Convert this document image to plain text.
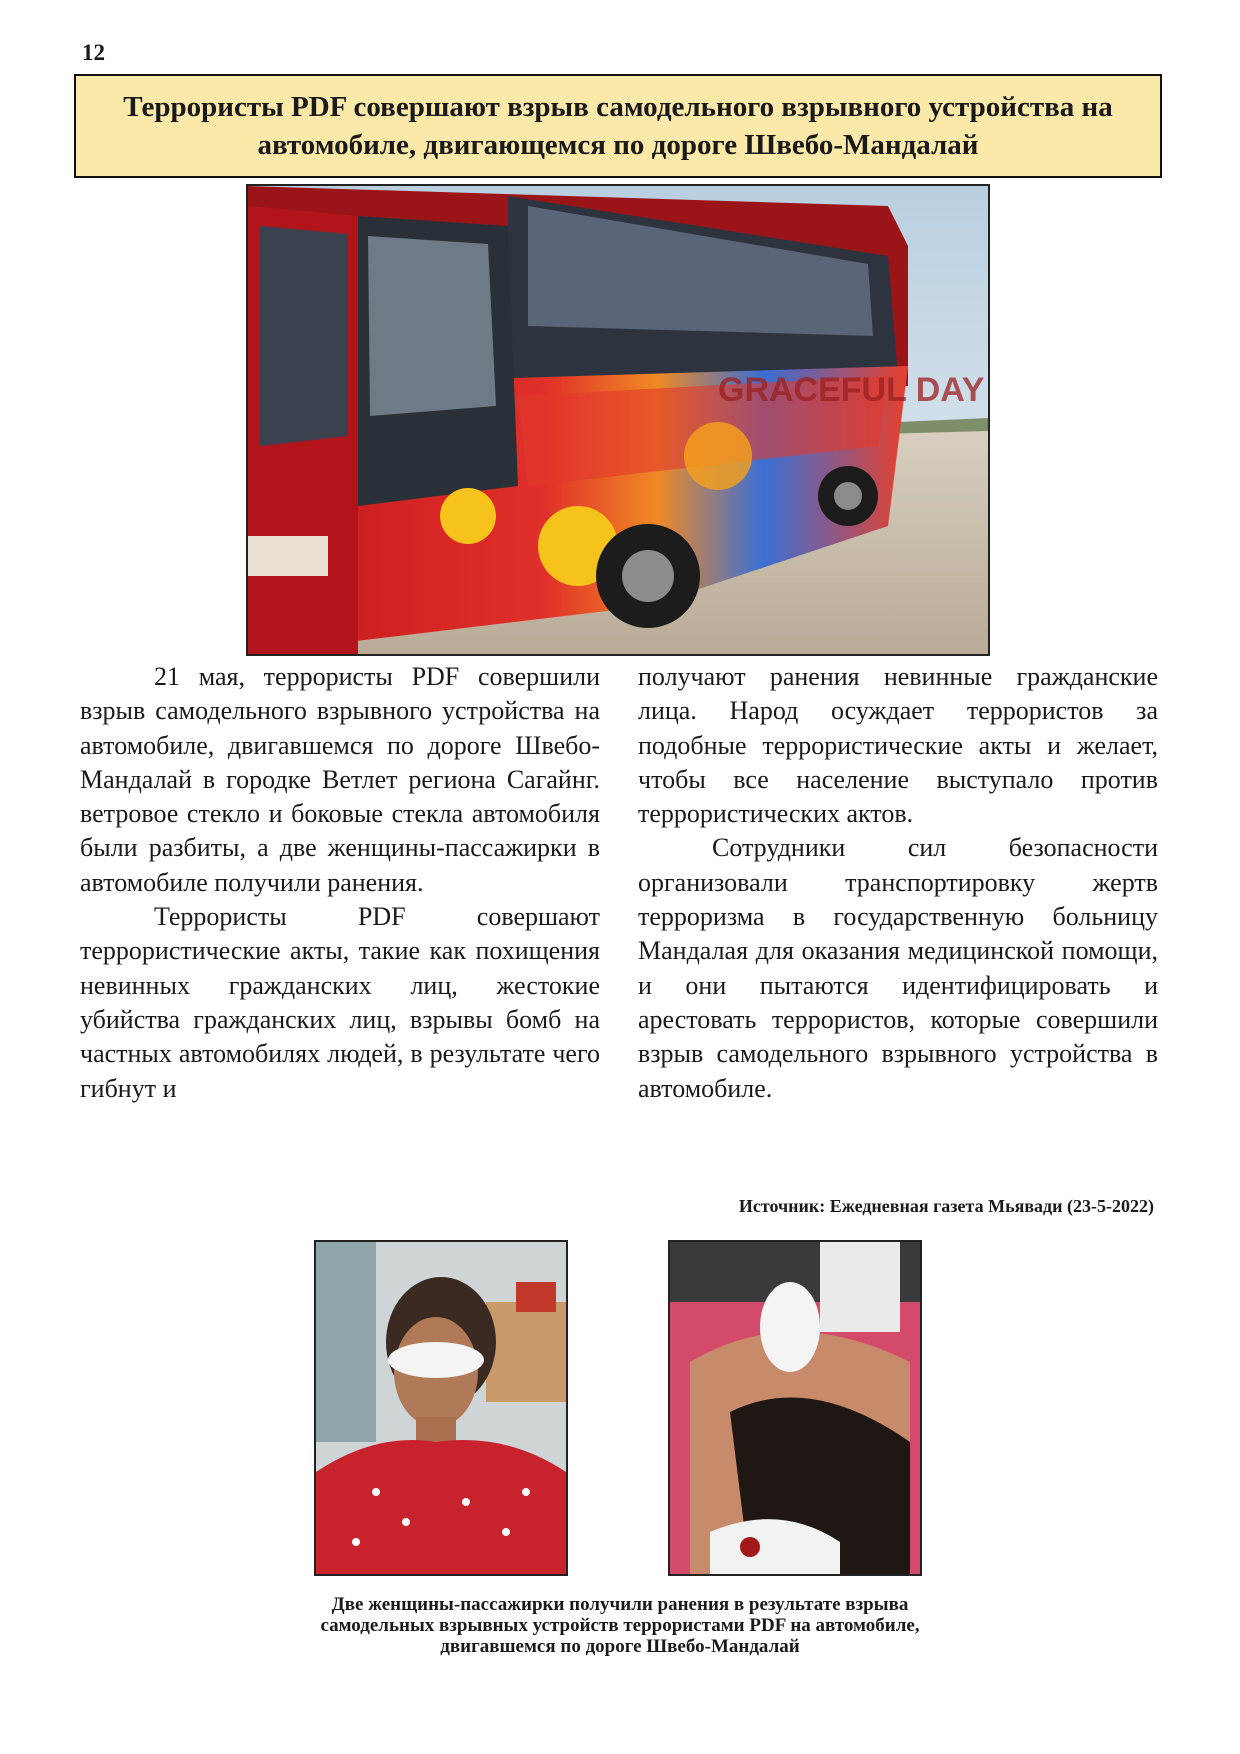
12
Террористы PDF совершают взрыв самодельного взрывного устройства на автомобиле, двигающемся по дороге Швебо-Мандалай
GRACEFUL DAY

21 мая, террористы PDF совершили взрыв самодельного взрывного устройства на автомобиле, двигавшемся по дороге Швебо-Мандалай в городке Ветлет региона Сагайнг. ветровое стекло и боковые стекла автомобиля были разбиты, а две женщины-пассажирки в автомобиле получили ранения.

Террористы PDF совершают террористические акты, такие как похищения невинных гражданских лиц, жестокие убийства гражданских лиц, взрывы бомб на частных автомобилях людей, в результате чего гибнут и

получают ранения невинные гражданские лица. Народ осуждает террористов за подобные террористические акты и желает, чтобы все население выступало против террористических актов.

Сотрудники сил безопасности организовали транспортировку жертв терроризма в государственную больницу Мандалая для оказания медицинской помощи, и они пытаются идентифицировать и арестовать террористов, которые совершили взрыв самодельного взрывного устройства в автомобиле.

Источник: Ежедневная газета Мьявади (23-5-2022)
Две женщины-пассажирки получили ранения в результате взрыва
самодельных взрывных устройств террористами PDF на автомобиле,
двигавшемся по дороге Швебо-Мандалай
